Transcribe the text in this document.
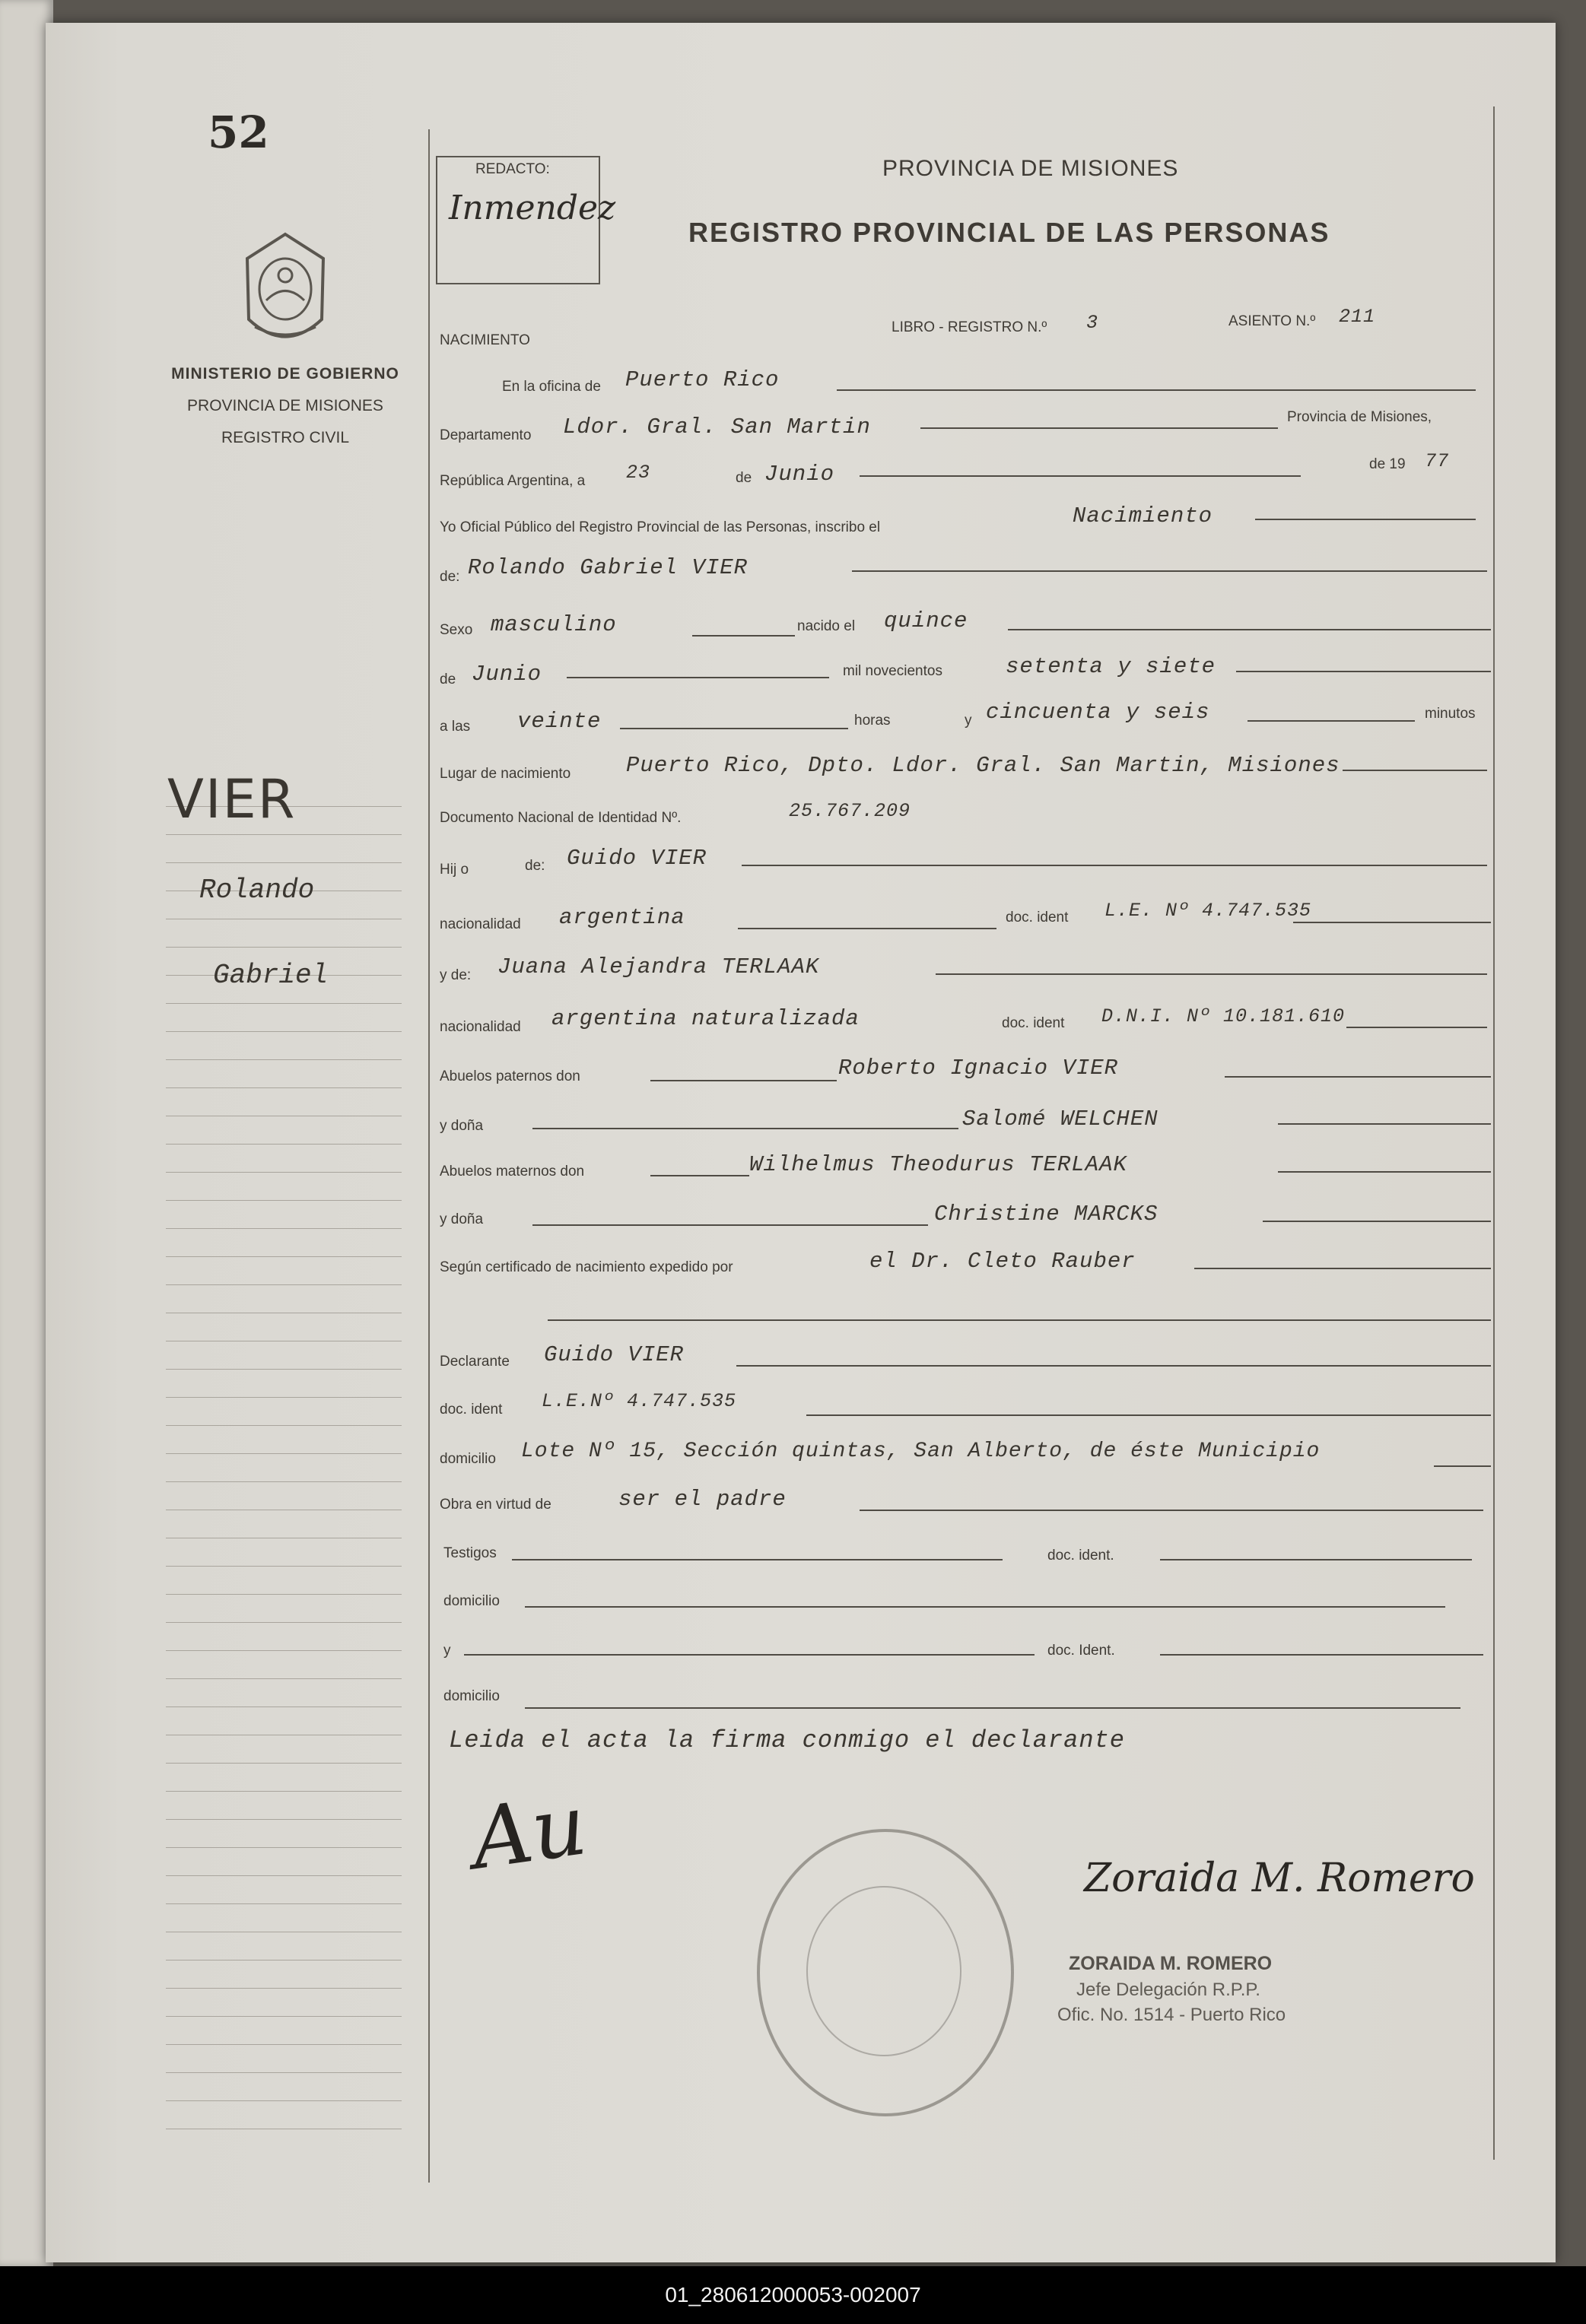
52
MINISTERIO DE GOBIERNO
PROVINCIA DE MISIONES
REGISTRO CIVIL
VIER
Rolando
Gabriel
REDACTO:
Inmendez
PROVINCIA DE MISIONES
REGISTRO PROVINCIAL DE LAS PERSONAS
NACIMIENTO
LIBRO - REGISTRO N.º 3	ASIENTO N.º 211
En la oficina de Puerto Rico
Departamento Ldor. Gral. San Martin	Provincia de Misiones,
República Argentina, a 23	de Junio	de 19 77
Yo Oficial Público del Registro Provincial de las Personas, inscribo el	Nacimiento
de: Rolando Gabriel VIER
Sexo masculino	nacido el quince
de Junio	mil novecientos	setenta y siete
a las veinte	horas	y cincuenta y seis	minutos
Lugar de nacimiento	Puerto Rico, Dpto. Ldor. Gral. San Martin, Misiones
Documento Nacional de Identidad Nº.	25.767.209
Hij o	de: Guido VIER
nacionalidad argentina	doc. ident L.E. Nº 4.747.535
y de: Juana Alejandra TERLAAK
nacionalidad argentina naturalizada	doc. ident D.N.I. Nº 10.181.610
Abuelos paternos don	Roberto Ignacio VIER
y doña	Salomé WELCHEN
Abuelos maternos don	Wilhelmus Theodurus TERLAAK
y doña	Christine MARCKS
Según certificado de nacimiento expedido por	el Dr. Cleto Rauber
Declarante Guido VIER
doc. ident L.E.Nº 4.747.535
domicilio Lote Nº 15, Sección quintas, San Alberto, de éste Municipio
Obra en virtud de	ser el padre
Testigos	doc. ident.
domicilio
y	doc. Ident.
domicilio
Leida el acta la firma conmigo el declarante
Au	Zoraida M. Romero
ZORAIDA M. ROMERO
Jefe Delegación R.P.P.
Ofic. No. 1514 - Puerto Rico
01_280612000053-002007
